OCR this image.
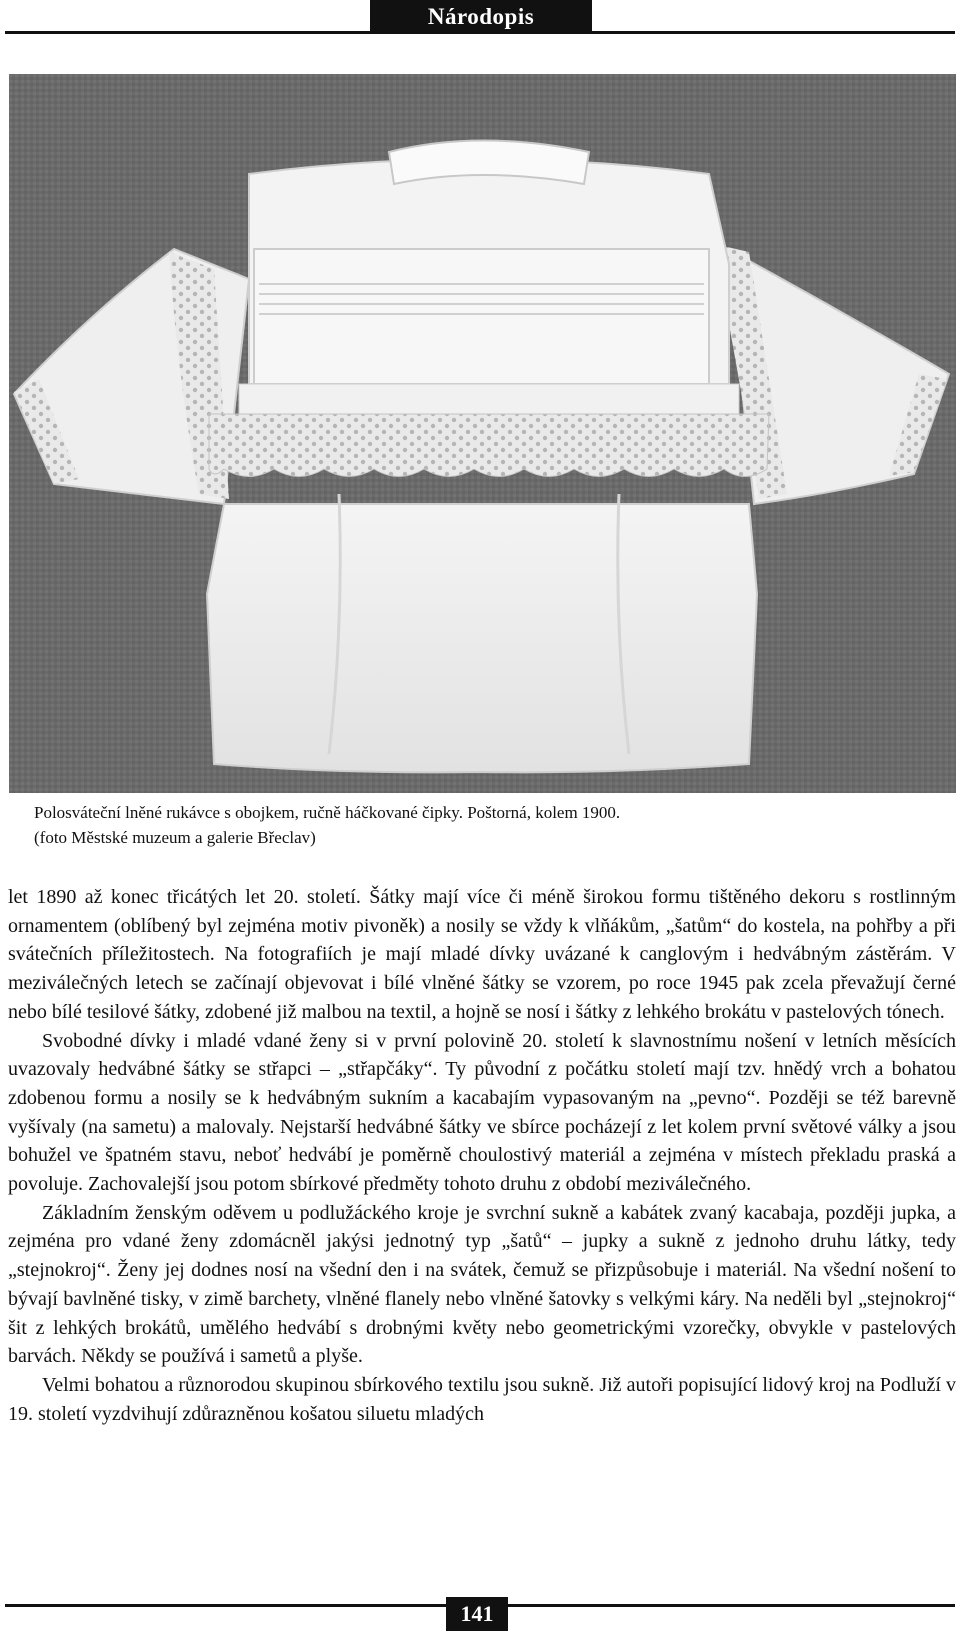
Národopis
Polosváteční lněné rukávce s obojkem, ručně háčkované čipky. Poštorná, kolem 1900.
(foto Městské muzeum a galerie Břeclav)

let 1890 až konec třicátých let 20. století. Šátky mají více či méně širokou formu tištěného dekoru s rostlinným ornamentem (oblíbený byl zejména motiv pivoněk) a nosily se vždy k vlňákům, „šatům“ do kostela, na pohřby a při svátečních příležitostech. Na fotografiích je mají mladé dívky uvázané k canglovým i hedvábným zástěrám. V meziválečných letech se začínají objevovat i bílé vlněné šátky se vzorem, po roce 1945 pak zcela převažují černé nebo bílé tesilové šátky, zdobené již malbou na textil, a hojně se nosí i šátky z lehkého brokátu v pastelových tónech.

Svobodné dívky i mladé vdané ženy si v první polovině 20. století k slavnostnímu nošení v letních měsících uvazovaly hedvábné šátky se střapci – „střapčáky“. Ty původní z počátku století mají tzv. hnědý vrch a bohatou zdobenou formu a nosily se k hedvábným sukním a kacabajím vypasovaným na „pevno“. Později se též barevně vyšívaly (na sametu) a malovaly. Nejstarší hedvábné šátky ve sbírce pocházejí z let kolem první světové války a jsou bohužel ve špatném stavu, neboť hedvábí je poměrně choulostivý materiál a zejména v místech překladu praská a povoluje. Zachovalejší jsou potom sbírkové předměty tohoto druhu z období meziválečného.

Základním ženským oděvem u podlužáckého kroje je svrchní sukně a kabátek zvaný kacabaja, později jupka, a zejména pro vdané ženy zdomácněl jakýsi jednotný typ „šatů“ – jupky a sukně z jednoho druhu látky, tedy „stejnokroj“. Ženy jej dodnes nosí na všední den i na svátek, čemuž se přizpůsobuje i materiál. Na všední nošení to bývají bavlněné tisky, v zimě barchety, vlněné flanely nebo vlněné šatovky s velkými káry. Na neděli byl „stejnokroj“ šit z lehkých brokátů, umělého hedvábí s drobnými květy nebo geometrickými vzorečky, obvykle v pastelových barvách. Někdy se používá i sametů a plyše.

Velmi bohatou a různorodou skupinou sbírkového textilu jsou sukně. Již autoři popisující lidový kroj na Podluží v 19. století vyzdvihují zdůrazněnou košatou siluetu mladých

141
